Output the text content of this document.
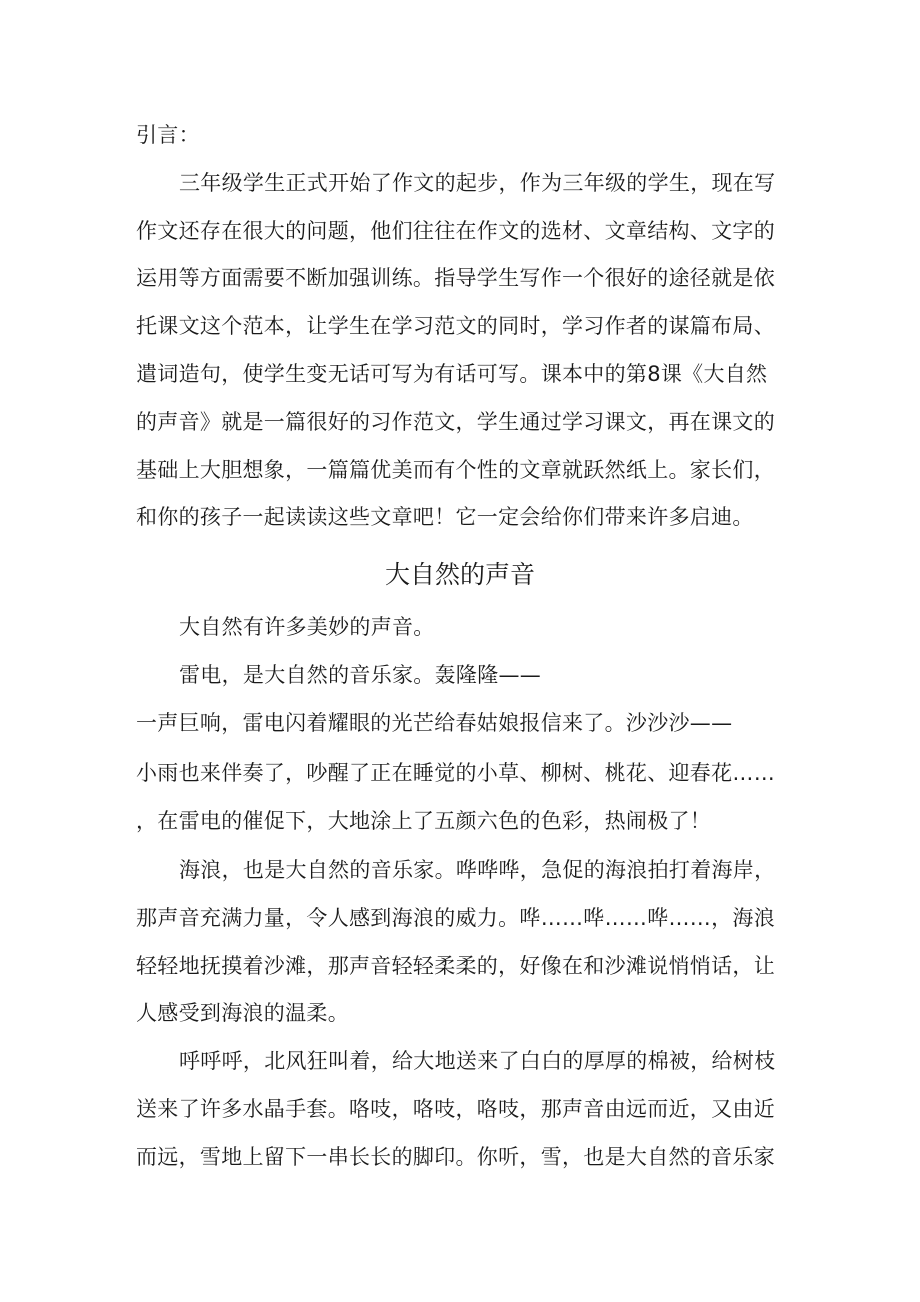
引言：
三年级学生正式开始了作文的起步，作为三年级的学生，现在写
作文还存在很大的问题，他们往往在作文的选材、文章结构、文字的
运用等方面需要不断加强训练。指导学生写作一个很好的途径就是依
托课文这个范本，让学生在学习范文的同时，学习作者的谋篇布局、
遣词造句，使学生变无话可写为有话可写。课本中的第8课《大自然
的声音》就是一篇很好的习作范文，学生通过学习课文，再在课文的
基础上大胆想象，一篇篇优美而有个性的文章就跃然纸上。家长们，
和你的孩子一起读读这些文章吧！它一定会给你们带来许多启迪。
大自然的声音
大自然有许多美妙的声音。
雷电，是大自然的音乐家。轰隆隆——
一声巨响，雷电闪着耀眼的光芒给春姑娘报信来了。沙沙沙——
小雨也来伴奏了，吵醒了正在睡觉的小草、柳树、桃花、迎春花……
，在雷电的催促下，大地涂上了五颜六色的色彩，热闹极了！
海浪，也是大自然的音乐家。哗哗哗，急促的海浪拍打着海岸，
那声音充满力量，令人感到海浪的威力。哗……哗……哗……，海浪
轻轻地抚摸着沙滩，那声音轻轻柔柔的，好像在和沙滩说悄悄话，让
人感受到海浪的温柔。
呼呼呼，北风狂叫着，给大地送来了白白的厚厚的棉被，给树枝
送来了许多水晶手套。咯吱，咯吱，咯吱，那声音由远而近，又由近
而远，雪地上留下一串长长的脚印。你听，雪，也是大自然的音乐家
